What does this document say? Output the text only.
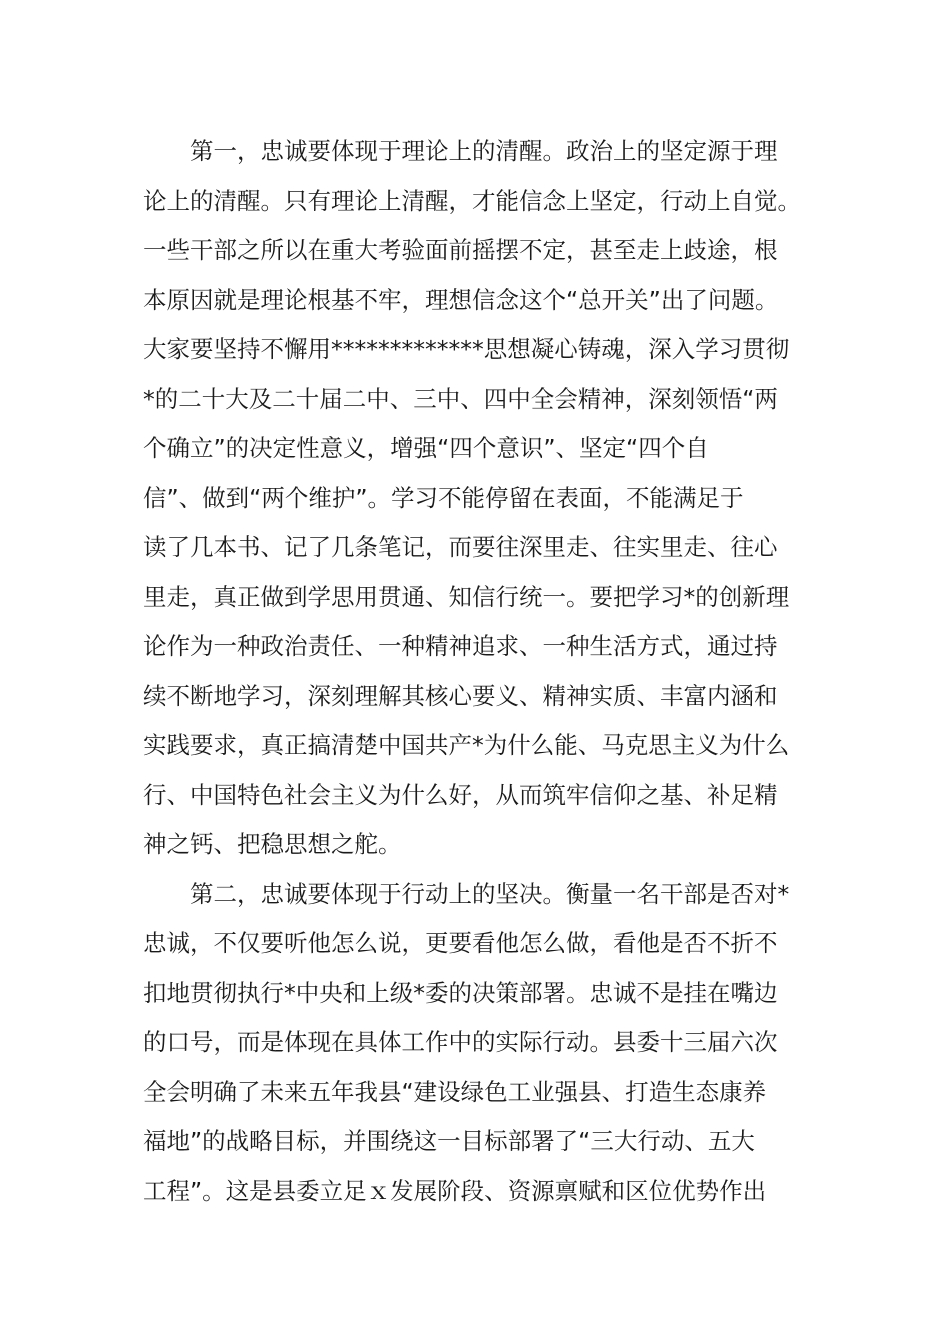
第一，忠诚要体现于理论上的清醒。政治上的坚定源于理
论上的清醒。只有理论上清醒，才能信念上坚定，行动上自觉。
一些干部之所以在重大考验面前摇摆不定，甚至走上歧途，根
本原因就是理论根基不牢，理想信念这个“总开关”出了问题。
大家要坚持不懈用*************思想凝心铸魂，深入学习贯彻
*的二十大及二十届二中、三中、四中全会精神，深刻领悟“两
个确立”的决定性意义，增强“四个意识”、坚定“四个自
信”、做到“两个维护”。学习不能停留在表面，不能满足于
读了几本书、记了几条笔记，而要往深里走、往实里走、往心
里走，真正做到学思用贯通、知信行统一。要把学习*的创新理
论作为一种政治责任、一种精神追求、一种生活方式，通过持
续不断地学习，深刻理解其核心要义、精神实质、丰富内涵和
实践要求，真正搞清楚中国共产*为什么能、马克思主义为什么
行、中国特色社会主义为什么好，从而筑牢信仰之基、补足精
神之钙、把稳思想之舵。
第二，忠诚要体现于行动上的坚决。衡量一名干部是否对*
忠诚，不仅要听他怎么说，更要看他怎么做，看他是否不折不
扣地贯彻执行*中央和上级*委的决策部署。忠诚不是挂在嘴边
的口号，而是体现在具体工作中的实际行动。县委十三届六次
全会明确了未来五年我县“建设绿色工业强县、打造生态康养
福地”的战略目标，并围绕这一目标部署了“三大行动、五大
工程”。这是县委立足ｘ发展阶段、资源禀赋和区位优势作出
